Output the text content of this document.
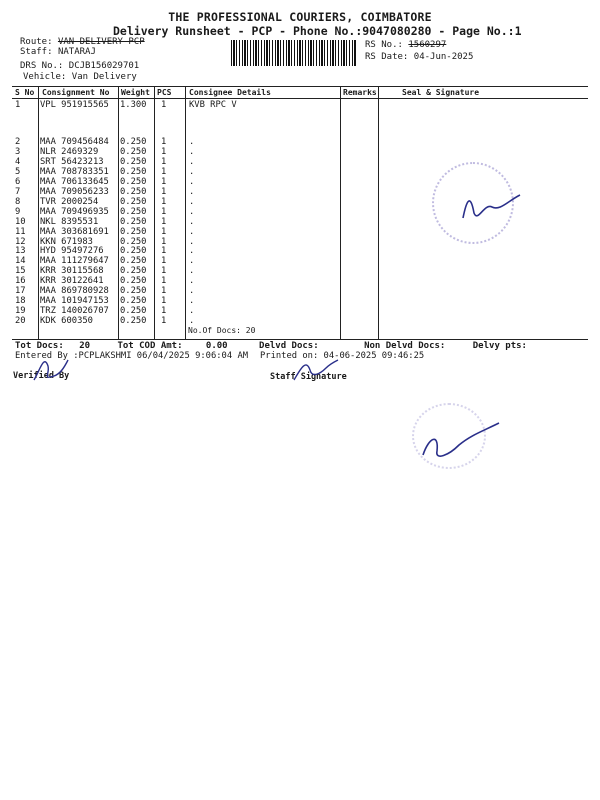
THE PROFESSIONAL COURIERS, COIMBATORE
Delivery Runsheet - PCP - Phone No.:9047080280 - Page No.:1
Route: VAN DELIVERY PCP
Staff: NATARAJ
DRS No.: DCJB156029701
Vehicle: Van Delivery
RS No.: 1560297
RS Date: 04-Jun-2025
S No Consignment No Weight PCS Consignee Details	Remarks	Seal & Signature
1 VPL 951915565 1.300 1	KVB RPC V
2 MAA 709456484 0.250 1	.
3 NLR 2469329 0.250 1	.
4 SRT 56423213 0.250 1	.
5 MAA 708783351 0.250 1	.
6 MAA 706133645 0.250 1	.
7 MAA 709056233 0.250 1	.
8 TVR 2000254 0.250 1	.
9 MAA 709496935 0.250 1	.
10 NKL 8395531 0.250 1	.
11 MAA 303681691 0.250 1	.
12 KKN 671983	0.250 1	.
13 HYD 95497276 0.250 1	.
14 MAA 111279647 0.250 1	.
15 KRR 30115568 0.250 1	.
16 KRR 30122641 0.250 1	.
17 MAA 869780928 0.250 1	.
18 MAA 101947153 0.250 1	.
19 TRZ 140026707 0.250 1	.
20 KDK 600350	0.250 1	.
No.Of Docs: 20
Tot Docs: 20	Tot COD Amt:	0.00	Delvd Docs:	Non Delvd Docs:	Delvy pts:
Entered By :PCPLAKSHMI 06/04/2025 9:06:04 AM Printed on: 04-06-2025 09:46:25
Verified By	Staff Signature
